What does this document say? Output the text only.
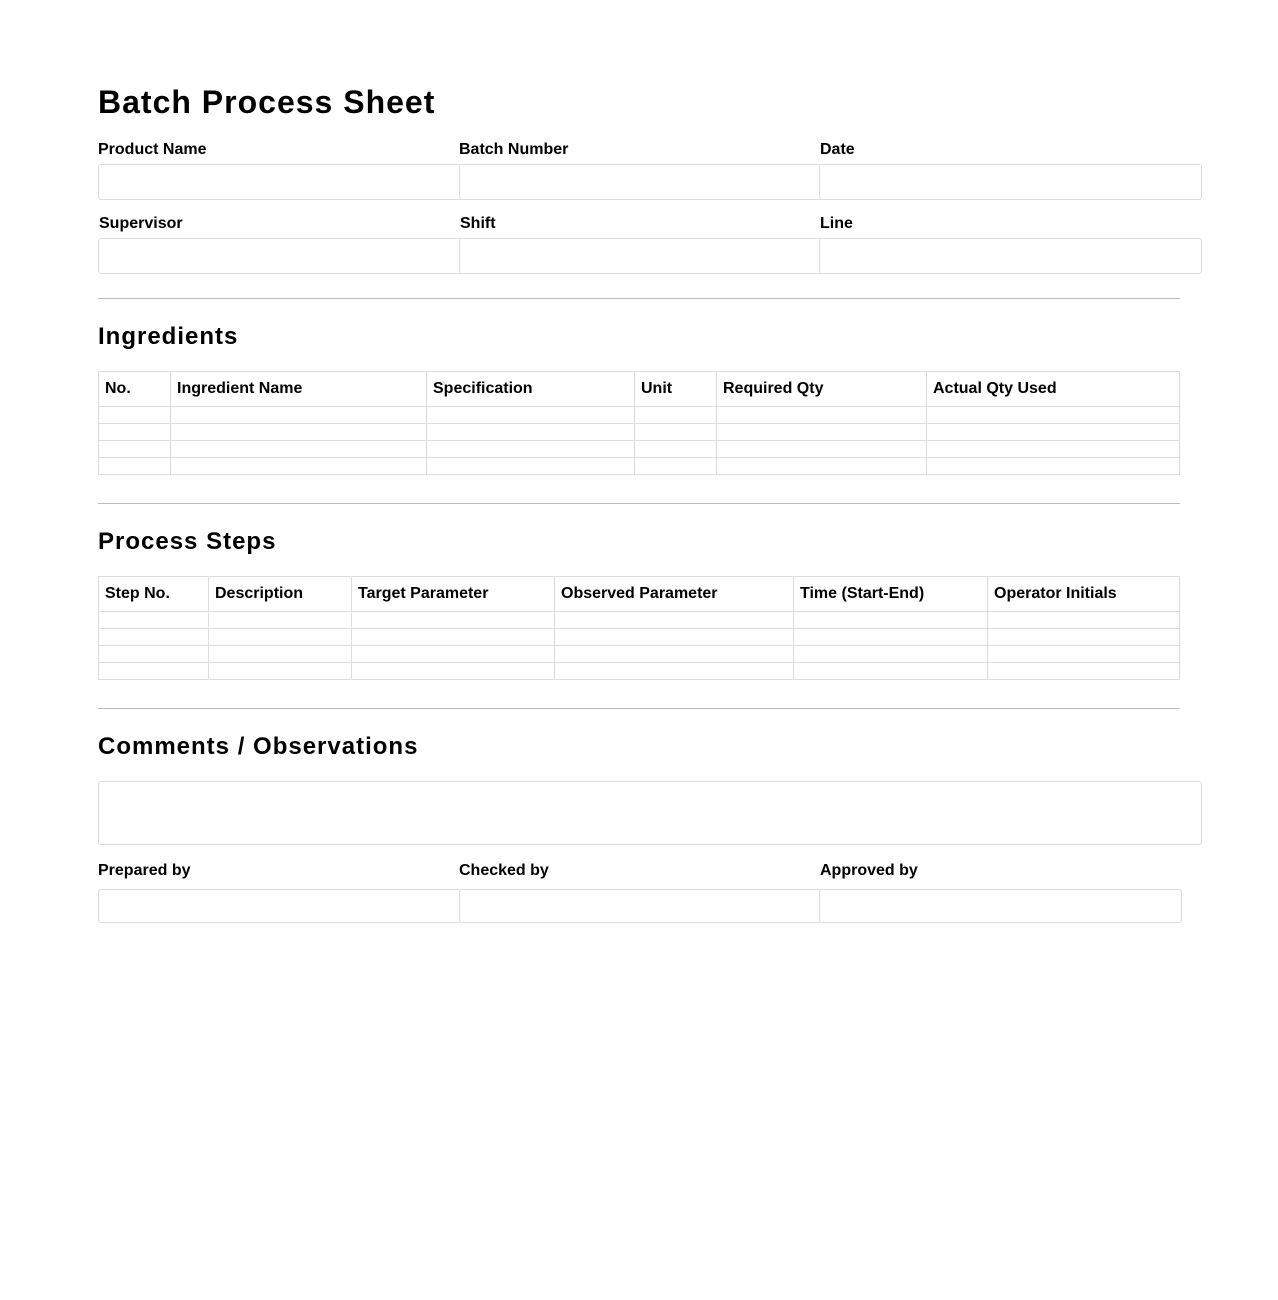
Batch Process Sheet
Product Name	Batch Number	Date
Supervisor	Shift	Line
Ingredients
No.	Ingredient Name	Specification	Unit	Required Qty	Actual Qty Used

Process Steps
Step No.	Description	Target Parameter	Observed Parameter	Time (Start-End)	Operator Initials

Comments / Observations
Prepared by	Checked by	Approved by
